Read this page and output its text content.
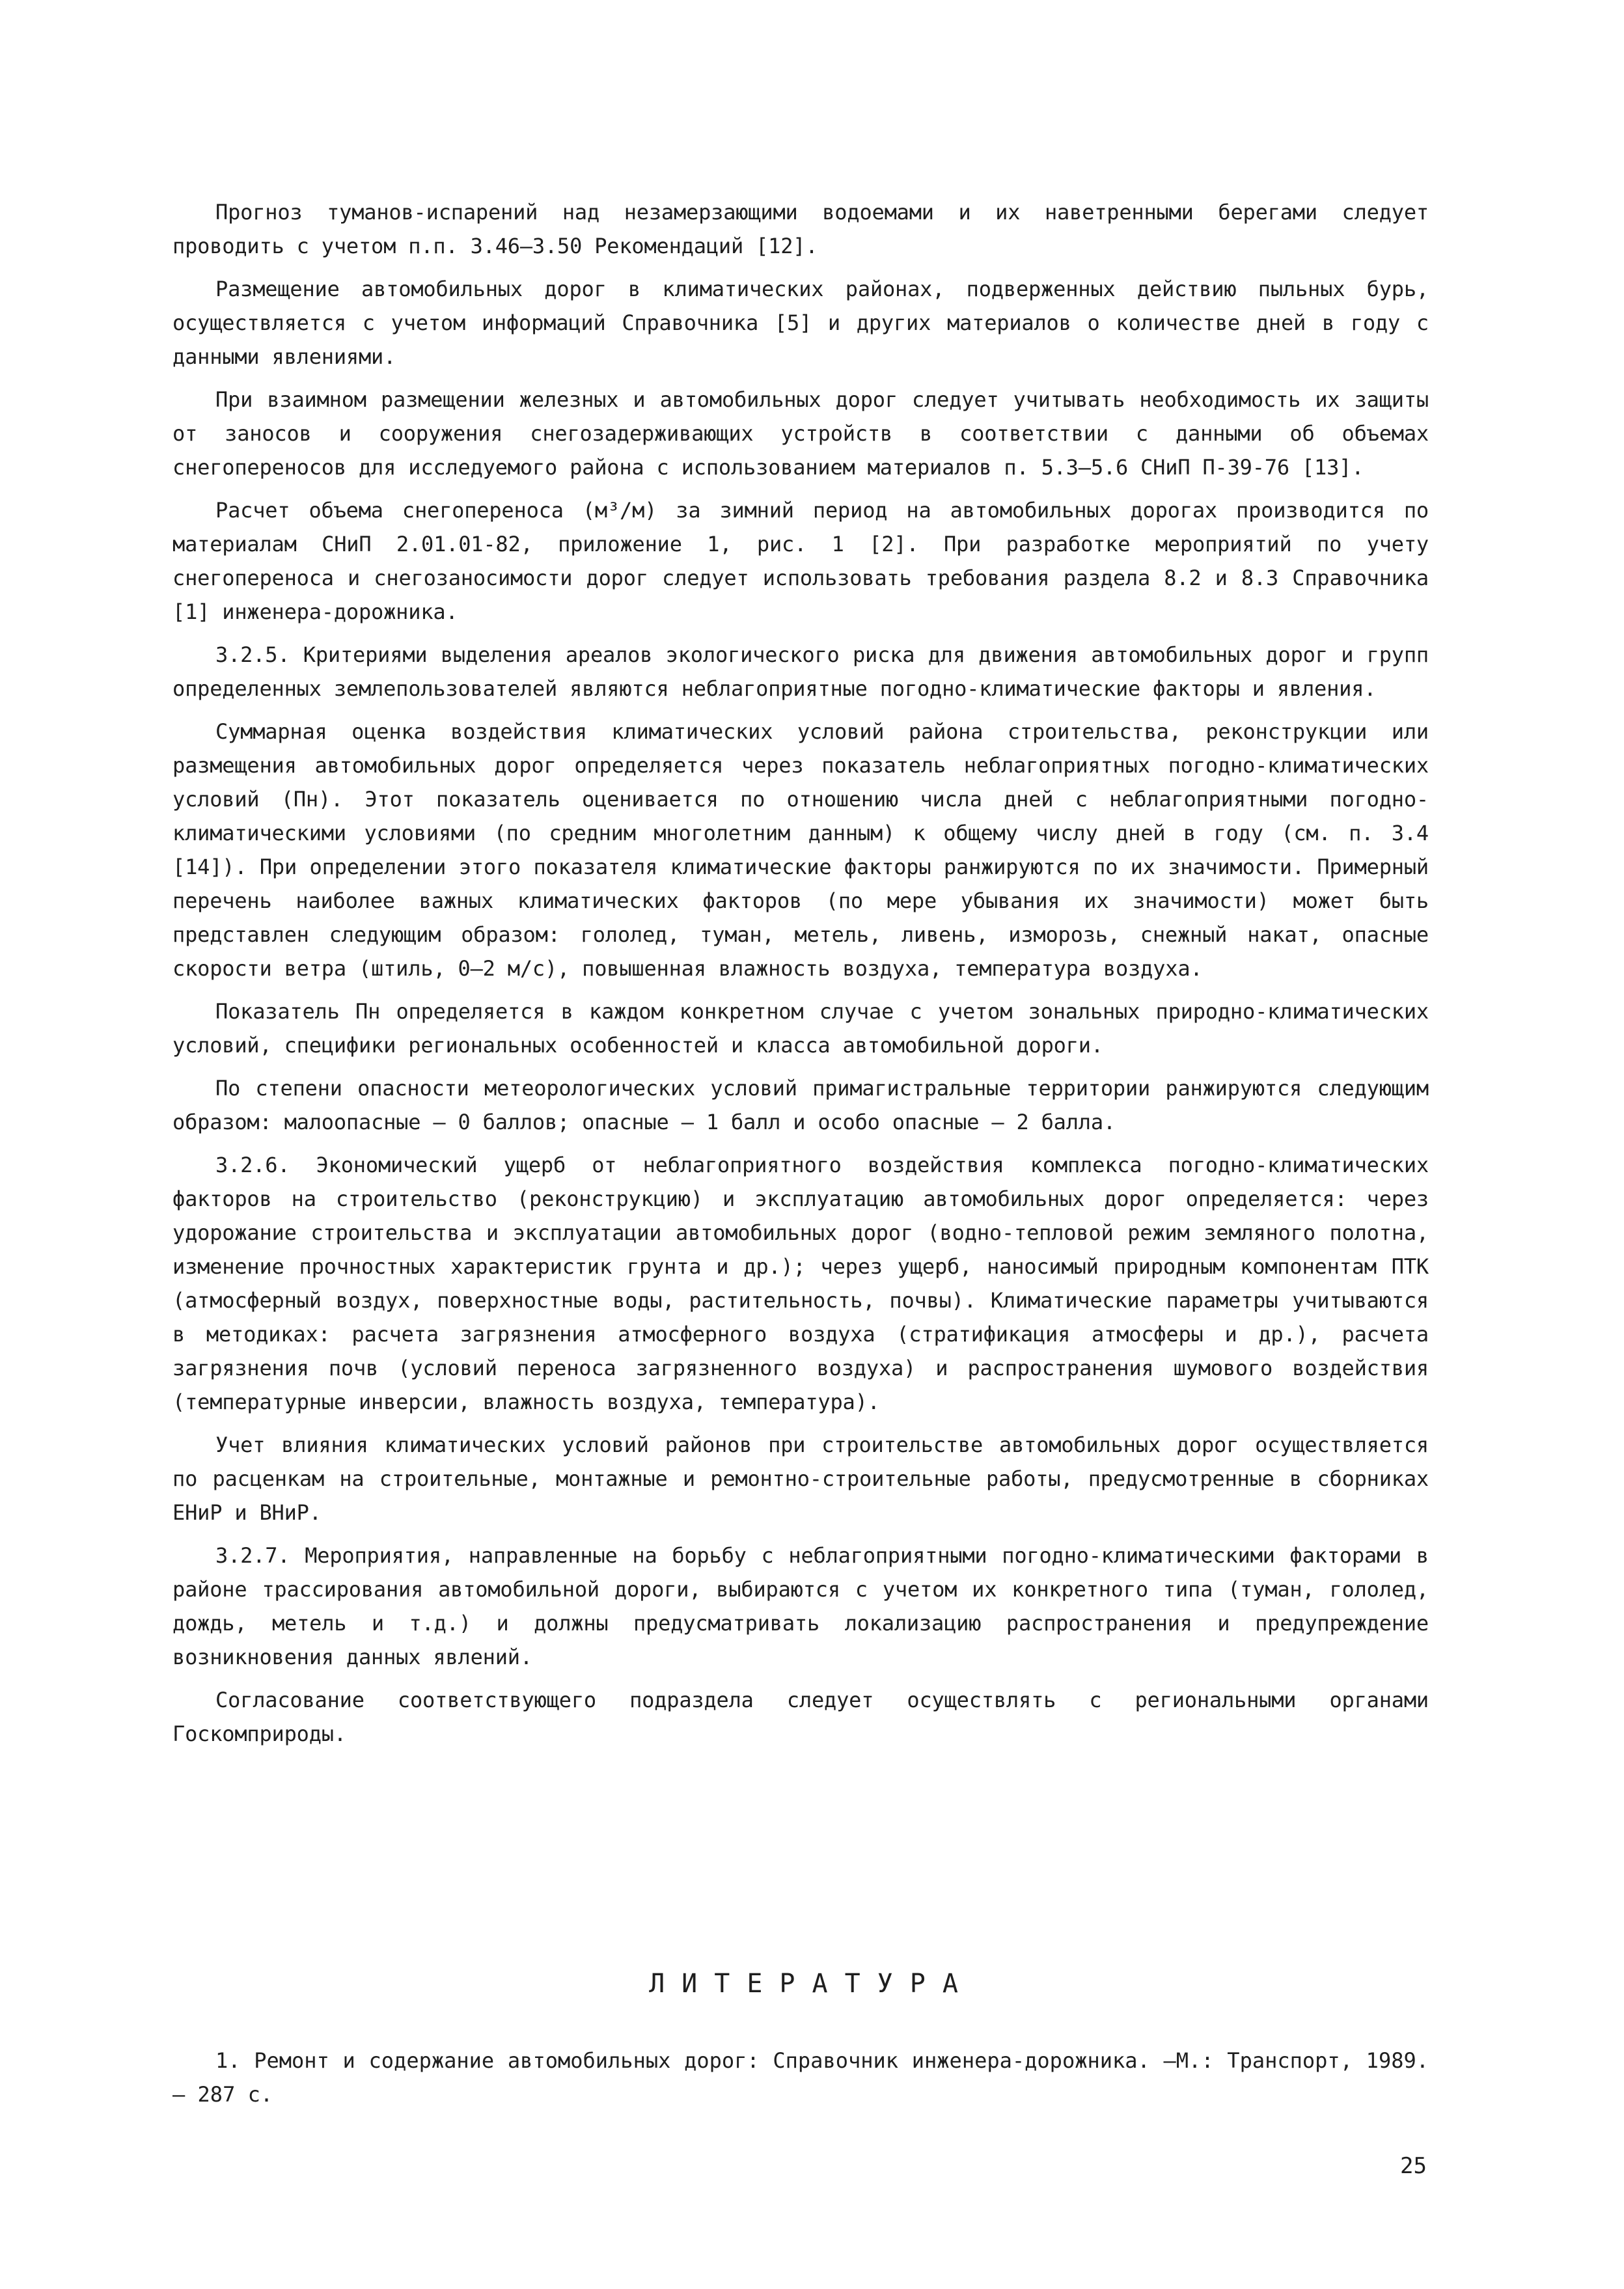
Прогноз туманов-испарений над незамерзающими водоемами и их наветренными берегами следует проводить с учетом п.п. 3.46–3.50 Рекомендаций [12].

Размещение автомобильных дорог в климатических районах, подверженных действию пыльных бурь, осуществляется с учетом информаций Справочника [5] и других материалов о количестве дней в году с данными явлениями.

При взаимном размещении железных и автомобильных дорог следует учитывать необходимость их защиты от заносов и сооружения снегозадерживающих устройств в соответствии с данными об объемах снегопереносов для исследуемого района с использованием материалов п. 5.3–5.6 СНиП П-39-76 [13].

Расчет объема снегопереноса (м³/м) за зимний период на автомобильных дорогах производится по материалам СНиП 2.01.01-82, приложение 1, рис. 1 [2]. При разработке мероприятий по учету снегопереноса и снегозаносимости дорог следует использовать требования раздела 8.2 и 8.3 Справочника [1] инженера-дорожника.

3.2.5. Критериями выделения ареалов экологического риска для движения автомобильных дорог и групп определенных землепользователей являются неблагоприятные погодно-климатические факторы и явления.

Суммарная оценка воздействия климатических условий района строительства, реконструкции или размещения автомобильных дорог определяется через показатель неблагоприятных погодно-климатических условий (Пн). Этот показатель оценивается по отношению числа дней с неблагоприятными погодно-климатическими условиями (по средним многолетним данным) к общему числу дней в году (см. п. 3.4 [14]). При определении этого показателя климатические факторы ранжируются по их значимости. Примерный перечень наиболее важных климатических факторов (по мере убывания их значимости) может быть представлен следующим образом: гололед, туман, метель, ливень, изморозь, снежный накат, опасные скорости ветра (штиль, 0–2 м/с), повышенная влажность воздуха, температура воздуха.

Показатель Пн определяется в каждом конкретном случае с учетом зональных природно-климатических условий, специфики региональных особенностей и класса автомобильной дороги.

По степени опасности метеорологических условий примагистральные территории ранжируются следующим образом: малоопасные – 0 баллов; опасные – 1 балл и особо опасные – 2 балла.

3.2.6. Экономический ущерб от неблагоприятного воздействия комплекса погодно-климатических факторов на строительство (реконструкцию) и эксплуатацию автомобильных дорог определяется: через удорожание строительства и эксплуатации автомобильных дорог (водно-тепловой режим земляного полотна, изменение прочностных характеристик грунта и др.); через ущерб, наносимый природным компонентам ПТК (атмосферный воздух, поверхностные воды, растительность, почвы). Климатические параметры учитываются в методиках: расчета загрязнения атмосферного воздуха (стратификация атмосферы и др.), расчета загрязнения почв (условий переноса загрязненного воздуха) и распространения шумового воздействия (температурные инверсии, влажность воздуха, температура).

Учет влияния климатических условий районов при строительстве автомобильных дорог осуществляется по расценкам на строительные, монтажные и ремонтно-строительные работы, предусмотренные в сборниках ЕНиР и ВНиР.

3.2.7. Мероприятия, направленные на борьбу с неблагоприятными погодно-климатическими факторами в районе трассирования автомобильной дороги, выбираются с учетом их конкретного типа (туман, гололед, дождь, метель и т.д.) и должны предусматривать локализацию распространения и предупреждение возникновения данных явлений.

Согласование соответствующего подраздела следует осуществлять с региональными органами Госкомприроды.

ЛИТЕРАТУРА

1. Ремонт и содержание автомобильных дорог: Справочник инженера-дорожника. –М.: Транспорт, 1989. – 287 с.

25
